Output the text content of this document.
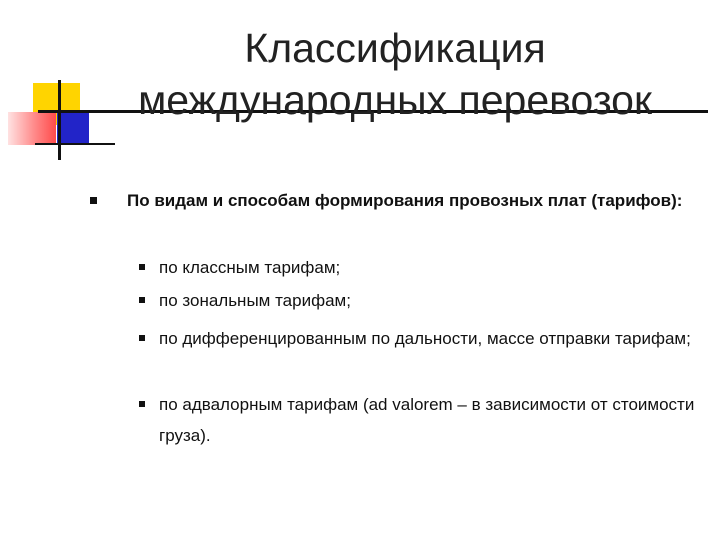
Классификация
международных перевозок
По видам и способам формирования провозных плат (тарифов):
по классным тарифам;
по зональным тарифам;
по дифференцированным по дальности, массе отправки тарифам;
по адвалорным тарифам (ad valorem – в зависимости от стоимости груза).
